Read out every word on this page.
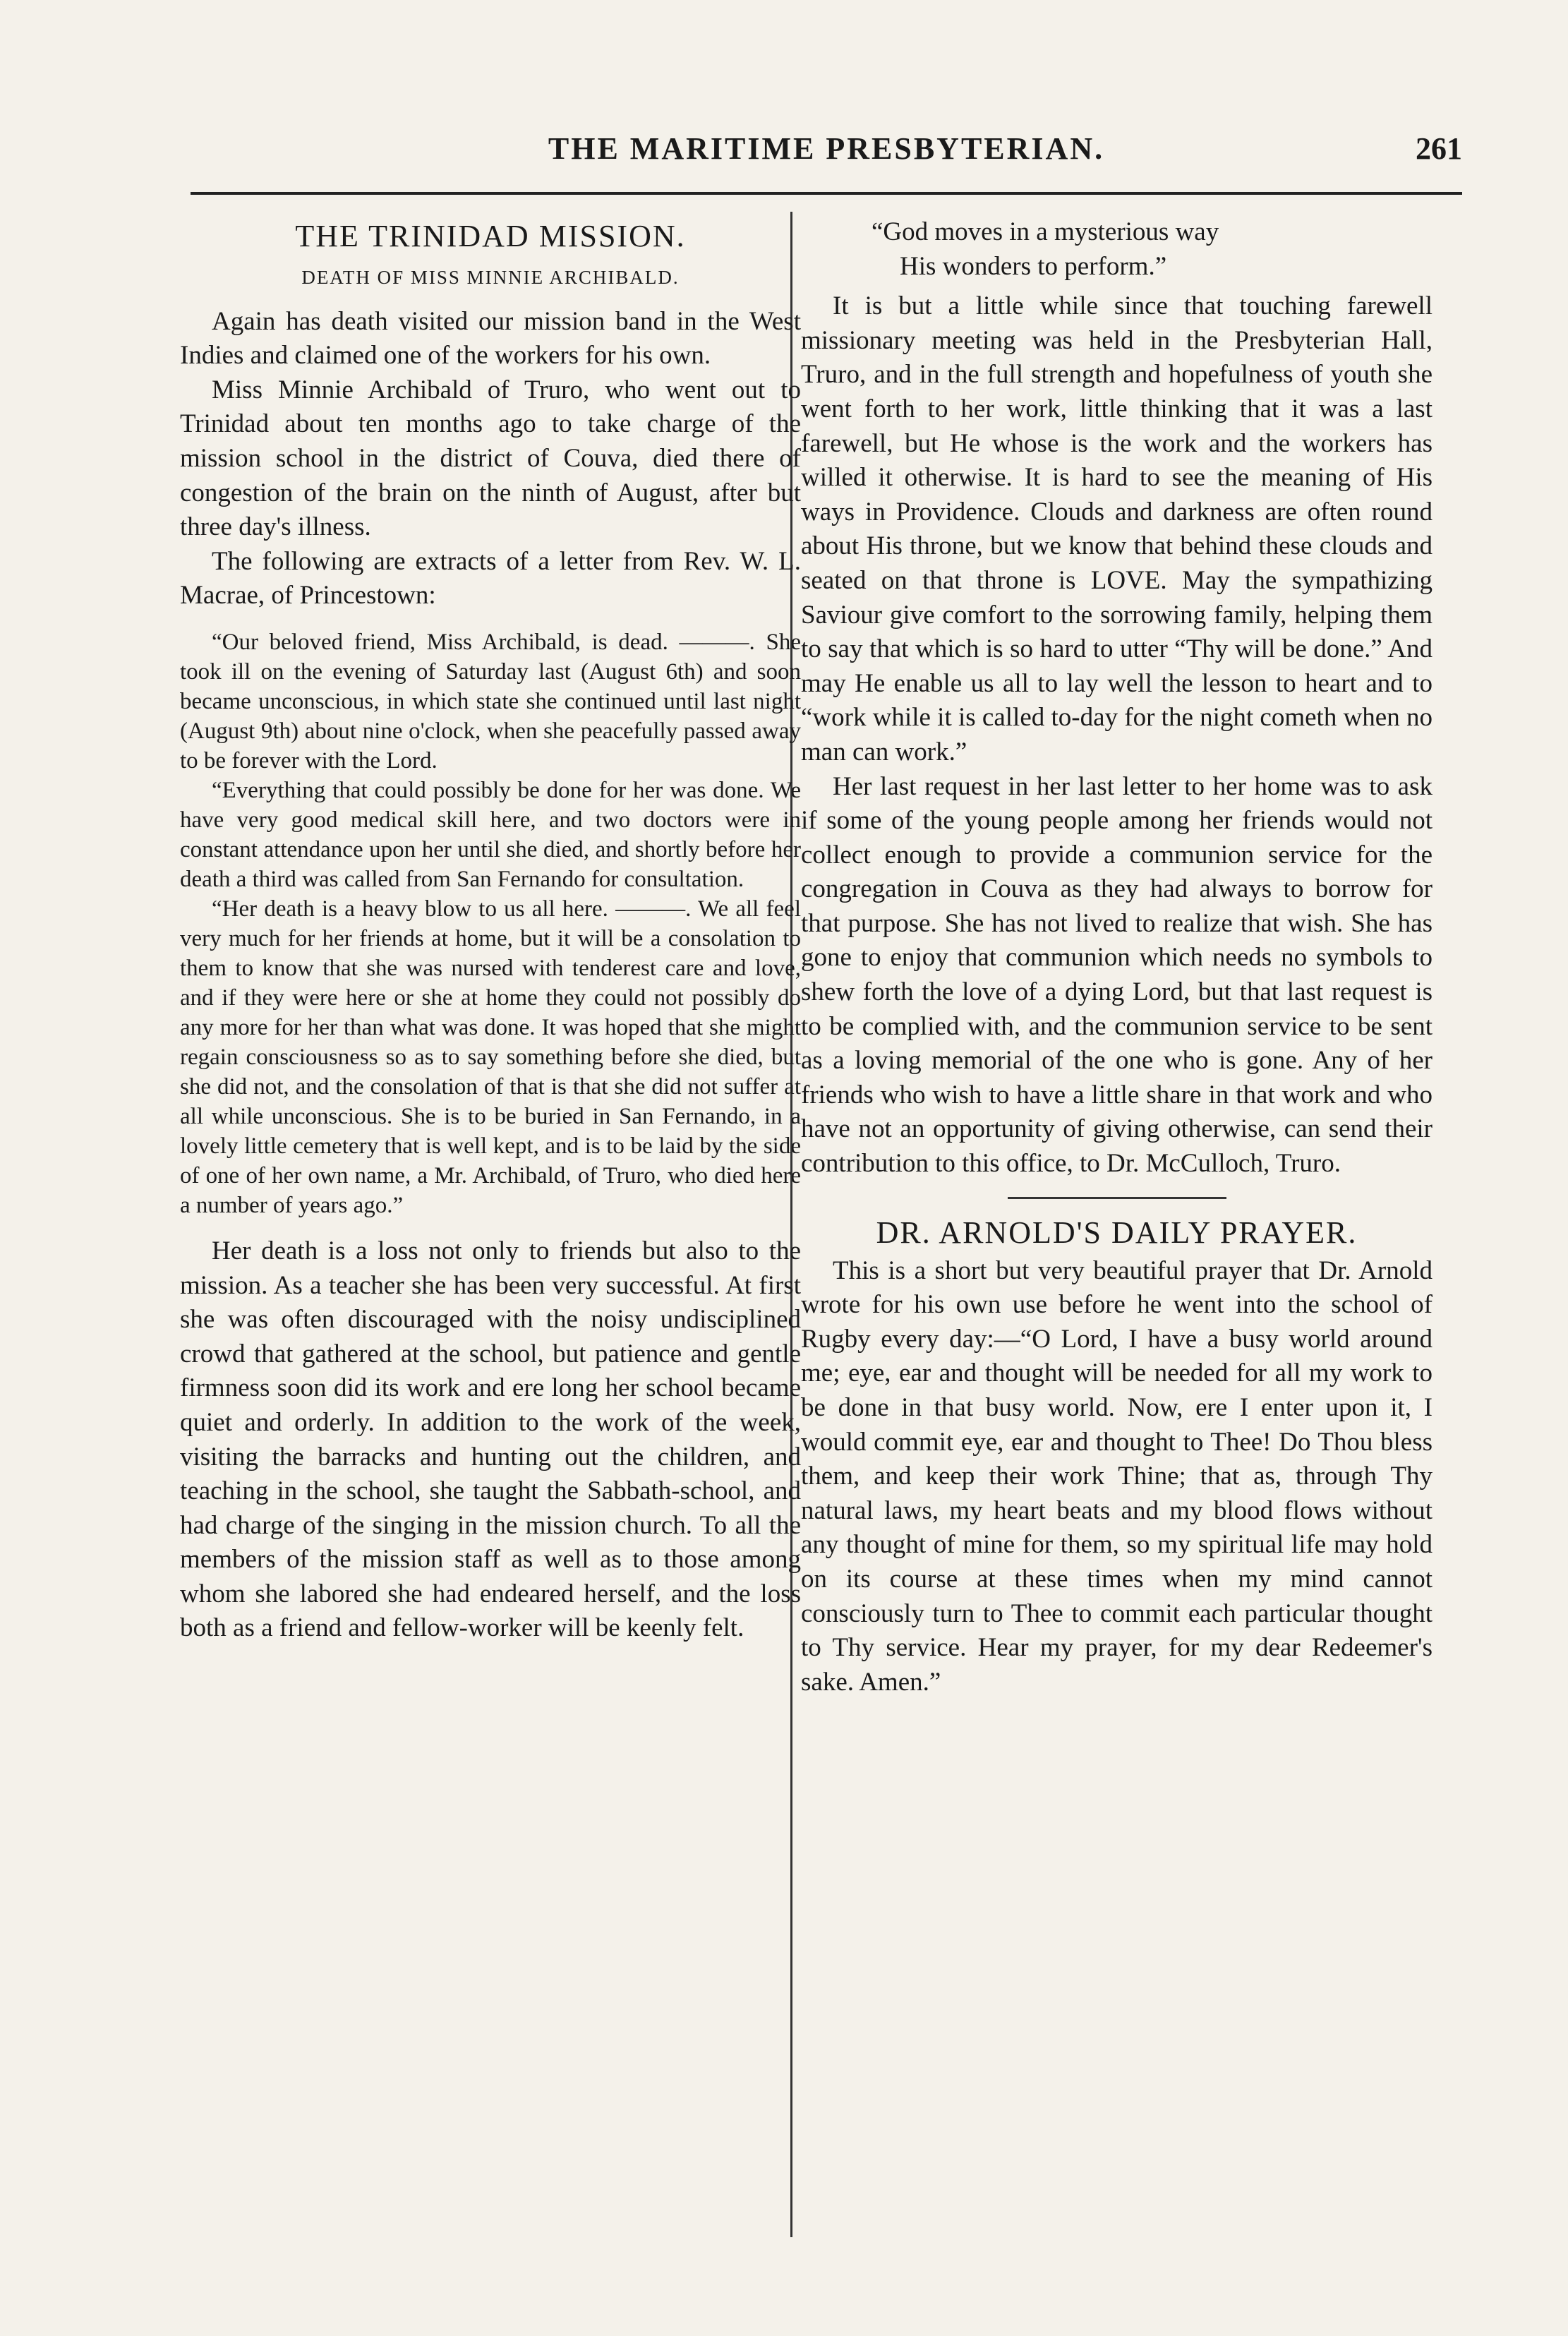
THE MARITIME PRESBYTERIAN.	261
THE TRINIDAD MISSION.
DEATH OF MISS MINNIE ARCHIBALD.

Again has death visited our mission band in the West Indies and claimed one of the workers for his own.

Miss Minnie Archibald of Truro, who went out to Trinidad about ten months ago to take charge of the mission school in the district of Couva, died there of congestion of the brain on the ninth of August, after but three day's illness.

The following are extracts of a letter from Rev. W. L. Macrae, of Princestown:

“Our beloved friend, Miss Archibald, is dead. ———. She took ill on the evening of Saturday last (August 6th) and soon became unconscious, in which state she continued until last night (August 9th) about nine o'clock, when she peacefully passed away to be forever with the Lord.

“Everything that could possibly be done for her was done. We have very good medical skill here, and two doctors were in constant attendance upon her until she died, and shortly before her death a third was called from San Fernando for consultation.

“Her death is a heavy blow to us all here. ———. We all feel very much for her friends at home, but it will be a consolation to them to know that she was nursed with tenderest care and love, and if they were here or she at home they could not possibly do any more for her than what was done. It was hoped that she might regain consciousness so as to say something before she died, but she did not, and the consolation of that is that she did not suffer at all while unconscious. She is to be buried in San Fernando, in a lovely little cemetery that is well kept, and is to be laid by the side of one of her own name, a Mr. Archibald, of Truro, who died here a number of years ago.”

Her death is a loss not only to friends but also to the mission. As a teacher she has been very successful. At first she was often discouraged with the noisy undisciplined crowd that gathered at the school, but patience and gentle firmness soon did its work and ere long her school became quiet and orderly. In addition to the work of the week, visiting the barracks and hunting out the children, and teaching in the school, she taught the Sabbath-school, and had charge of the singing in the mission church. To all the members of the mission staff as well as to those among whom she labored she had endeared herself, and the loss both as a friend and fellow-worker will be keenly felt.

“God moves in a mysterious way
His wonders to perform.”

It is but a little while since that touching farewell missionary meeting was held in the Presbyterian Hall, Truro, and in the full strength and hopefulness of youth she went forth to her work, little thinking that it was a last farewell, but He whose is the work and the workers has willed it otherwise. It is hard to see the meaning of His ways in Providence. Clouds and darkness are often round about His throne, but we know that behind these clouds and seated on that throne is LOVE. May the sympathizing Saviour give comfort to the sorrowing family, helping them to say that which is so hard to utter “Thy will be done.” And may He enable us all to lay well the lesson to heart and to “work while it is called to-day for the night cometh when no man can work.”

Her last request in her last letter to her home was to ask if some of the young people among her friends would not collect enough to provide a communion service for the congregation in Couva as they had always to borrow for that purpose. She has not lived to realize that wish. She has gone to enjoy that communion which needs no symbols to shew forth the love of a dying Lord, but that last request is to be complied with, and the communion service to be sent as a loving memorial of the one who is gone. Any of her friends who wish to have a little share in that work and who have not an opportunity of giving otherwise, can send their contribution to this office, to Dr. McCulloch, Truro.

DR. ARNOLD'S DAILY PRAYER.

This is a short but very beautiful prayer that Dr. Arnold wrote for his own use before he went into the school of Rugby every day:—“O Lord, I have a busy world around me; eye, ear and thought will be needed for all my work to be done in that busy world. Now, ere I enter upon it, I would commit eye, ear and thought to Thee! Do Thou bless them, and keep their work Thine; that as, through Thy natural laws, my heart beats and my blood flows without any thought of mine for them, so my spiritual life may hold on its course at these times when my mind cannot consciously turn to Thee to commit each particular thought to Thy service. Hear my prayer, for my dear Redeemer's sake. Amen.”
